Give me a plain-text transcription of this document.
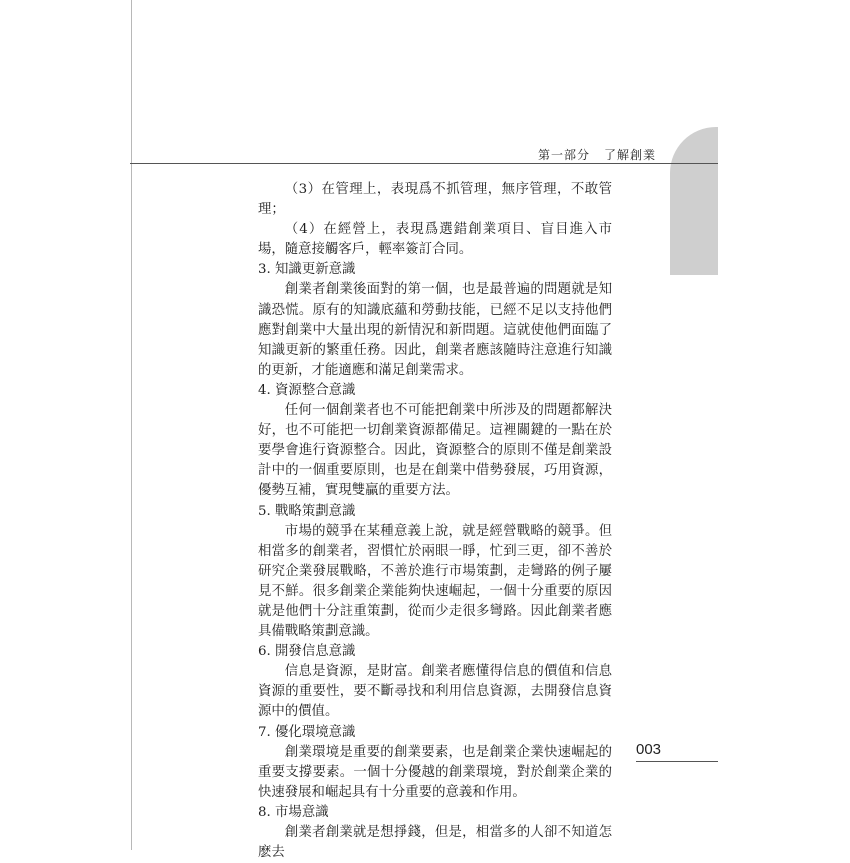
第一部分 了解創業

（3）在管理上，表現爲不抓管理，無序管理，不敢管理；

（4）在經營上，表現爲選錯創業項目、盲目進入市場，隨意接觸客戶，輕率簽訂合同。

3. 知識更新意識

創業者創業後面對的第一個，也是最普遍的問題就是知識恐慌。原有的知識底蘊和勞動技能，已經不足以支持他們應對創業中大量出現的新情況和新問題。這就使他們面臨了知識更新的繁重任務。因此，創業者應該隨時注意進行知識的更新，才能適應和滿足創業需求。

4. 資源整合意識

任何一個創業者也不可能把創業中所涉及的問題都解決好，也不可能把一切創業資源都備足。這裡關鍵的一點在於要學會進行資源整合。因此，資源整合的原則不僅是創業設計中的一個重要原則，也是在創業中借勢發展，巧用資源，優勢互補，實現雙贏的重要方法。

5. 戰略策劃意識

市場的競爭在某種意義上說，就是經營戰略的競爭。但相當多的創業者，習慣忙於兩眼一睜，忙到三更，卻不善於研究企業發展戰略，不善於進行市場策劃，走彎路的例子屢見不鮮。很多創業企業能夠快速崛起，一個十分重要的原因就是他們十分註重策劃，從而少走很多彎路。因此創業者應具備戰略策劃意識。

6. 開發信息意識

信息是資源，是財富。創業者應懂得信息的價值和信息資源的重要性，要不斷尋找和利用信息資源，去開發信息資源中的價值。

7. 優化環境意識

創業環境是重要的創業要素，也是創業企業快速崛起的重要支撐要素。一個十分優越的創業環境，對於創業企業的快速發展和崛起具有十分重要的意義和作用。

8. 市場意識

創業者創業就是想掙錢，但是，相當多的人卻不知道怎麽去

003
